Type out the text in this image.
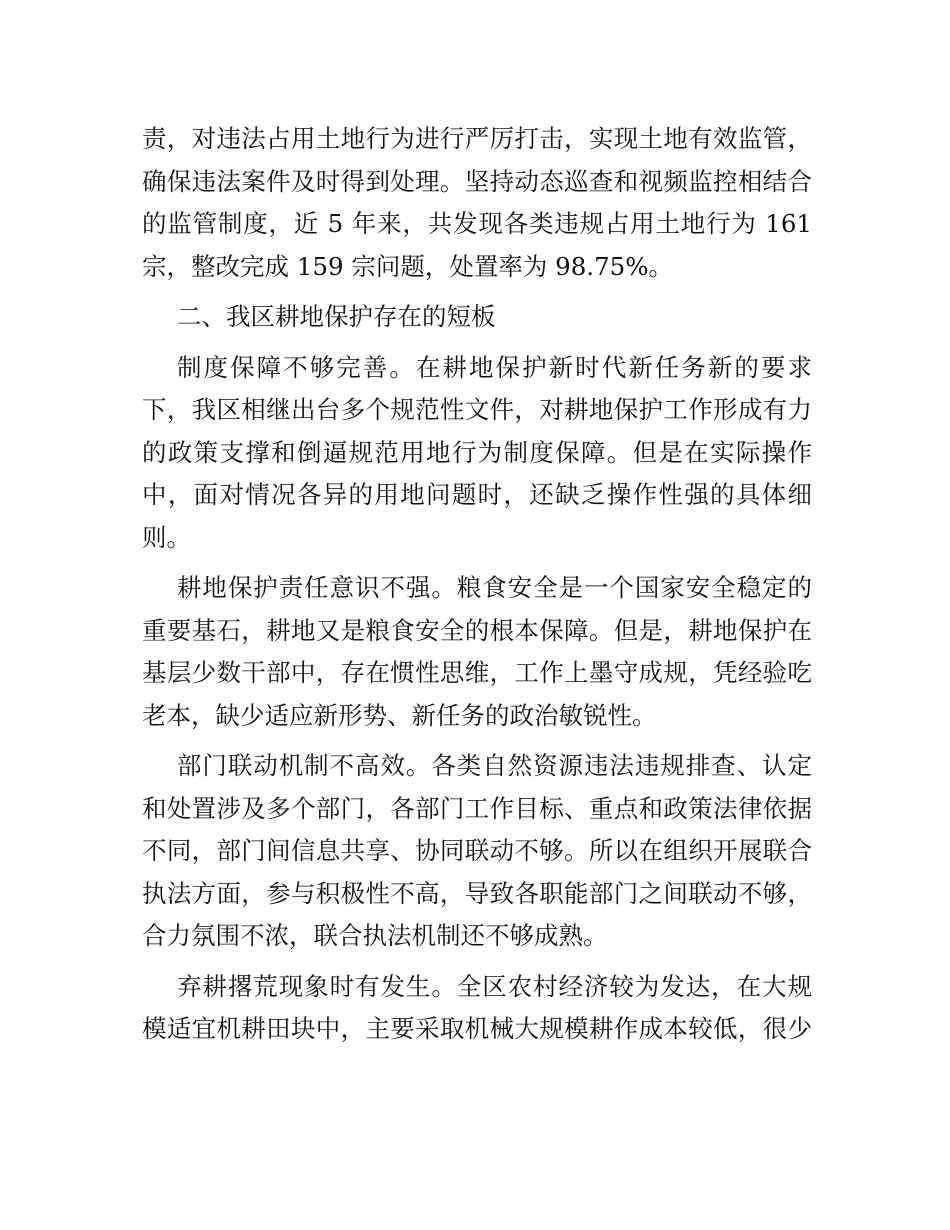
责，对违法占用土地行为进行严厉打击，实现土地有效监管，
确保违法案件及时得到处理。坚持动态巡查和视频监控相结合
的监管制度，近 5 年来，共发现各类违规占用土地行为 161
宗，整改完成 159 宗问题，处置率为 98.75%。
二、我区耕地保护存在的短板
制度保障不够完善。在耕地保护新时代新任务新的要求
下，我区相继出台多个规范性文件，对耕地保护工作形成有力
的政策支撑和倒逼规范用地行为制度保障。但是在实际操作
中，面对情况各异的用地问题时，还缺乏操作性强的具体细
则。
耕地保护责任意识不强。粮食安全是一个国家安全稳定的
重要基石，耕地又是粮食安全的根本保障。但是，耕地保护在
基层少数干部中，存在惯性思维，工作上墨守成规，凭经验吃
老本，缺少适应新形势、新任务的政治敏锐性。
部门联动机制不高效。各类自然资源违法违规排查、认定
和处置涉及多个部门，各部门工作目标、重点和政策法律依据
不同，部门间信息共享、协同联动不够。所以在组织开展联合
执法方面，参与积极性不高，导致各职能部门之间联动不够，
合力氛围不浓，联合执法机制还不够成熟。
弃耕撂荒现象时有发生。全区农村经济较为发达，在大规
模适宜机耕田块中，主要采取机械大规模耕作成本较低，很少
